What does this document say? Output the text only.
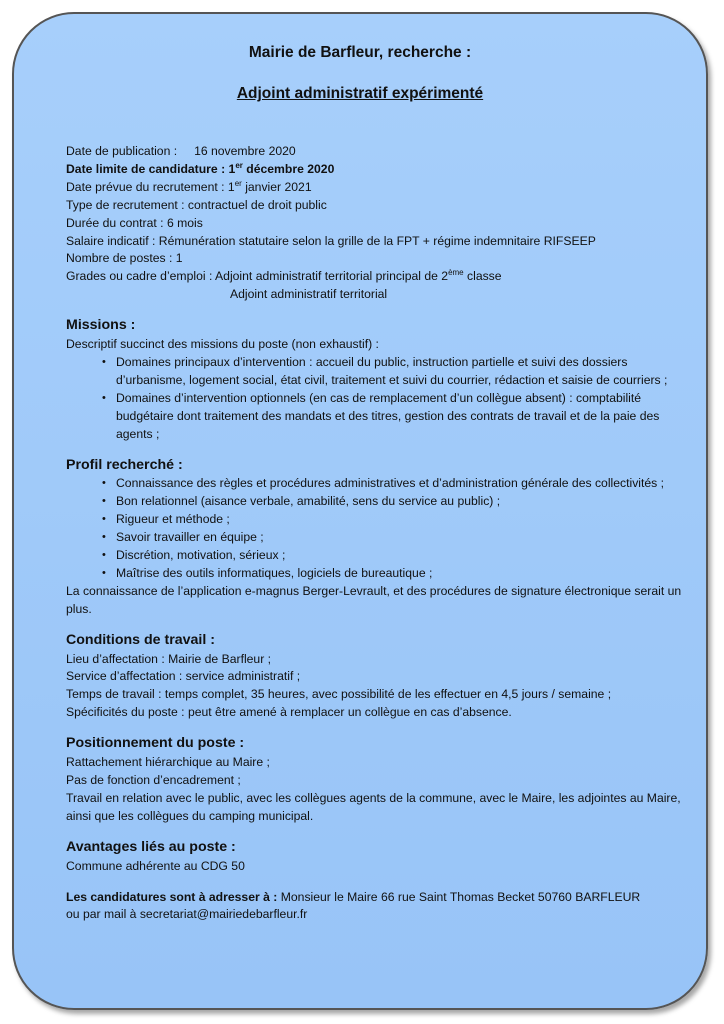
Mairie de Barfleur, recherche :
Adjoint administratif expérimenté
Date de publication : 16 novembre 2020
Date limite de candidature : 1er décembre 2020
Date prévue du recrutement : 1er janvier 2021
Type de recrutement : contractuel de droit public
Durée du contrat : 6 mois
Salaire indicatif : Rémunération statutaire selon la grille de la FPT + régime indemnitaire RIFSEEP
Nombre de postes : 1
Grades ou cadre d’emploi : Adjoint administratif territorial principal de 2ème classe
Adjoint administratif territorial
Missions :
Descriptif succinct des missions du poste (non exhaustif) :
• Domaines principaux d’intervention : accueil du public, instruction partielle et suivi des dossiers d’urbanisme, logement social, état civil, traitement et suivi du courrier, rédaction et saisie de courriers ;
• Domaines d’intervention optionnels (en cas de remplacement d’un collègue absent) : comptabilité budgétaire dont traitement des mandats et des titres, gestion des contrats de travail et de la paie des agents ;
Profil recherché :
• Connaissance des règles et procédures administratives et d’administration générale des collectivités ;
• Bon relationnel (aisance verbale, amabilité, sens du service au public) ;
• Rigueur et méthode ;
• Savoir travailler en équipe ;
• Discrétion, motivation, sérieux ;
• Maîtrise des outils informatiques, logiciels de bureautique ;
La connaissance de l’application e-magnus Berger-Levrault, et des procédures de signature électronique serait un plus.
Conditions de travail :
Lieu d’affectation : Mairie de Barfleur ;
Service d’affectation : service administratif ;
Temps de travail : temps complet, 35 heures, avec possibilité de les effectuer en 4,5 jours / semaine ;
Spécificités du poste : peut être amené à remplacer un collègue en cas d’absence.
Positionnement du poste :
Rattachement hiérarchique au Maire ;
Pas de fonction d’encadrement ;
Travail en relation avec le public, avec les collègues agents de la commune, avec le Maire, les adjointes au Maire, ainsi que les collègues du camping municipal.
Avantages liés au poste :
Commune adhérente au CDG 50
Les candidatures sont à adresser à : Monsieur le Maire 66 rue Saint Thomas Becket 50760 BARFLEUR
ou par mail à secretariat@mairiedebarfleur.fr
